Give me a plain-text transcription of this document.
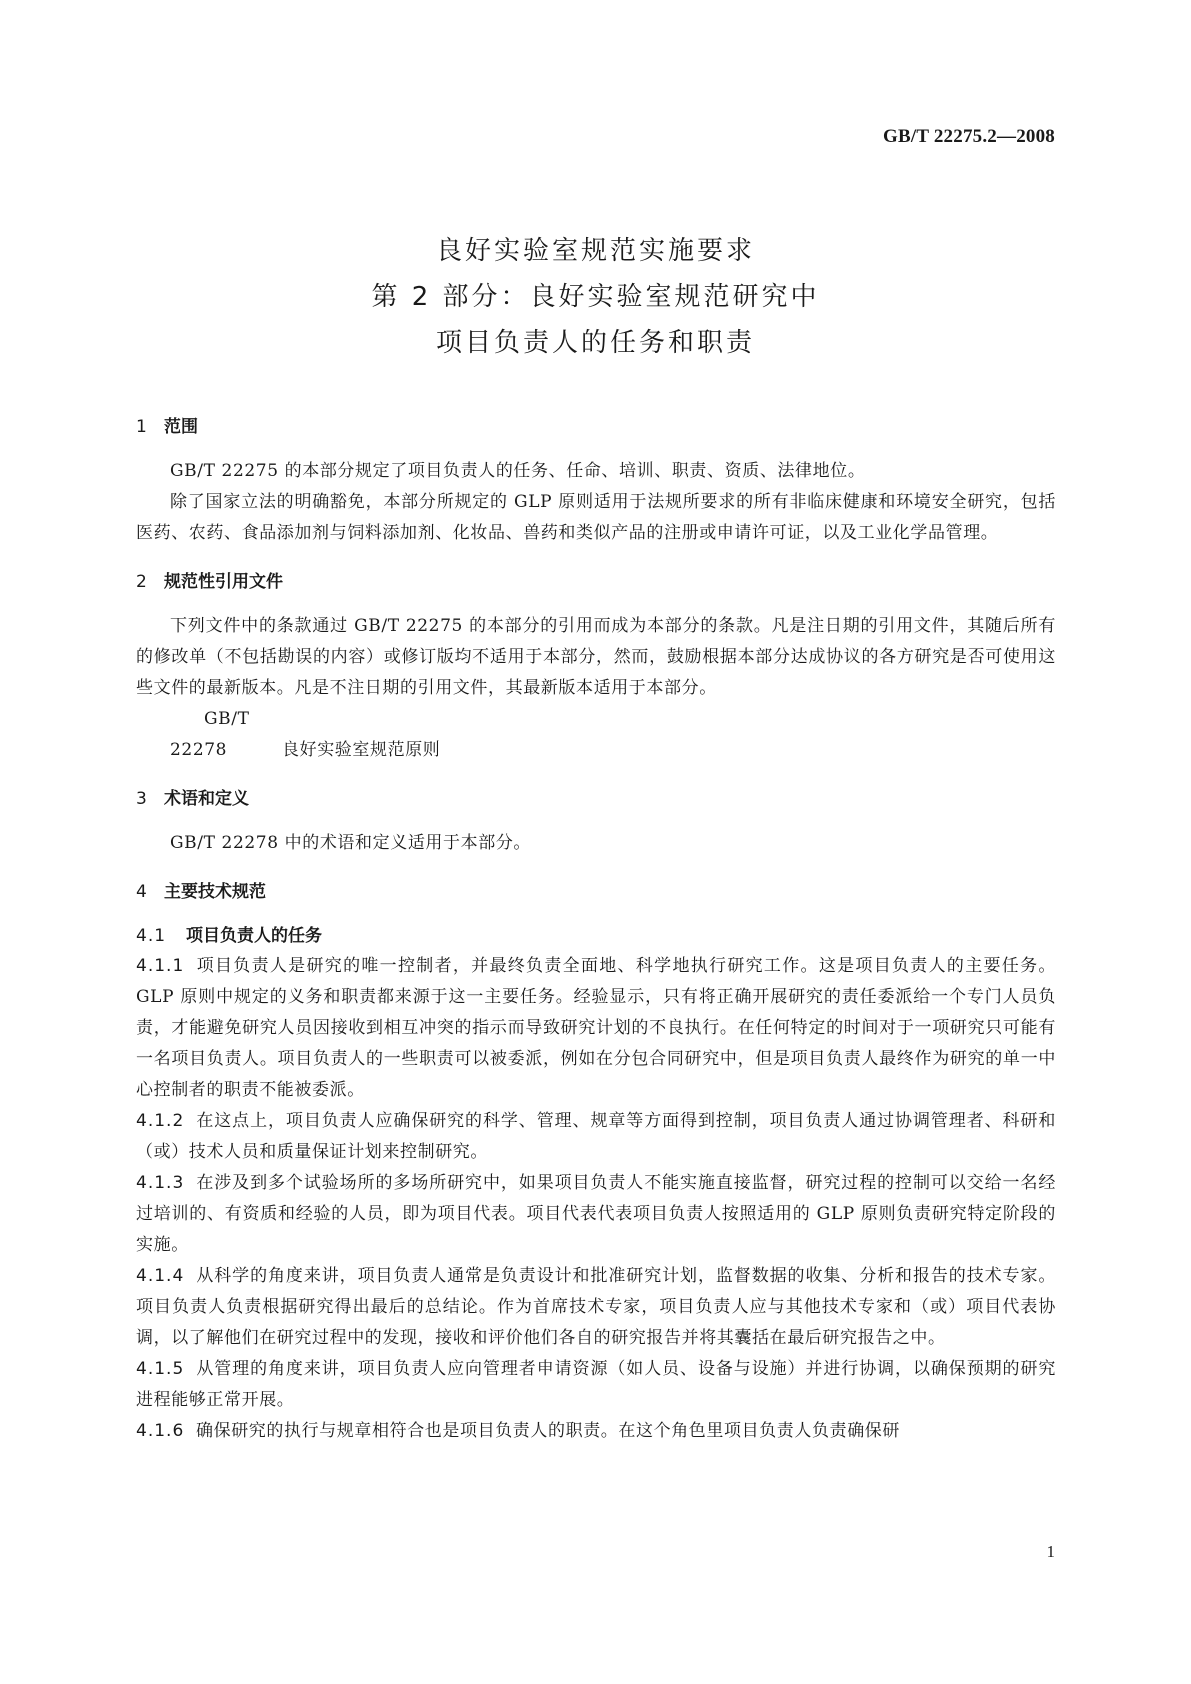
GB/T 22275.2—2008
良好实验室规范实施要求
第 2 部分：良好实验室规范研究中
项目负责人的任务和职责
1 范围

GB/T 22275 的本部分规定了项目负责人的任务、任命、培训、职责、资质、法律地位。

除了国家立法的明确豁免，本部分所规定的 GLP 原则适用于法规所要求的所有非临床健康和环境安全研究，包括医药、农药、食品添加剂与饲料添加剂、化妆品、兽药和类似产品的注册或申请许可证，以及工业化学品管理。

2 规范性引用文件

下列文件中的条款通过 GB/T 22275 的本部分的引用而成为本部分的条款。凡是注日期的引用文件，其随后所有的修改单（不包括勘误的内容）或修订版均不适用于本部分，然而，鼓励根据本部分达成协议的各方研究是否可使用这些文件的最新版本。凡是不注日期的引用文件，其最新版本适用于本部分。

GB/T 22278	良好实验室规范原则

3 术语和定义

GB/T 22278 中的术语和定义适用于本部分。

4 主要技术规范
4.1 项目负责人的任务

4.1.1 项目负责人是研究的唯一控制者，并最终负责全面地、科学地执行研究工作。这是项目负责人的主要任务。GLP 原则中规定的义务和职责都来源于这一主要任务。经验显示，只有将正确开展研究的责任委派给一个专门人员负责，才能避免研究人员因接收到相互冲突的指示而导致研究计划的不良执行。在任何特定的时间对于一项研究只可能有一名项目负责人。项目负责人的一些职责可以被委派，例如在分包合同研究中，但是项目负责人最终作为研究的单一中心控制者的职责不能被委派。

4.1.2 在这点上，项目负责人应确保研究的科学、管理、规章等方面得到控制，项目负责人通过协调管理者、科研和（或）技术人员和质量保证计划来控制研究。

4.1.3 在涉及到多个试验场所的多场所研究中，如果项目负责人不能实施直接监督，研究过程的控制可以交给一名经过培训的、有资质和经验的人员，即为项目代表。项目代表代表项目负责人按照适用的 GLP 原则负责研究特定阶段的实施。

4.1.4 从科学的角度来讲，项目负责人通常是负责设计和批准研究计划，监督数据的收集、分析和报告的技术专家。项目负责人负责根据研究得出最后的总结论。作为首席技术专家，项目负责人应与其他技术专家和（或）项目代表协调，以了解他们在研究过程中的发现，接收和评价他们各自的研究报告并将其囊括在最后研究报告之中。

4.1.5 从管理的角度来讲，项目负责人应向管理者申请资源（如人员、设备与设施）并进行协调，以确保预期的研究进程能够正常开展。

4.1.6 确保研究的执行与规章相符合也是项目负责人的职责。在这个角色里项目负责人负责确保研

1
